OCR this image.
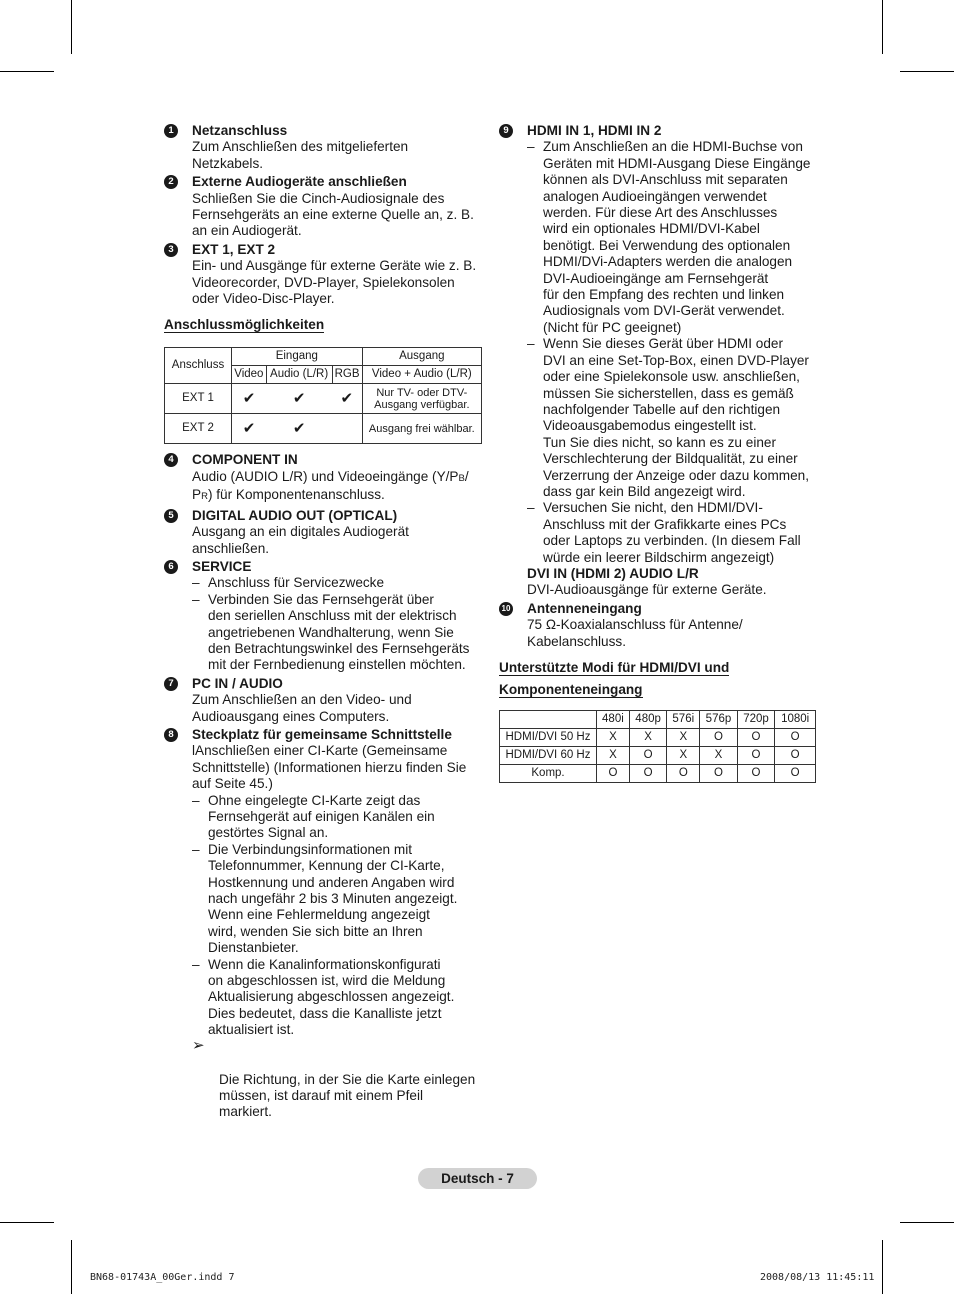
1	Netzanschluss
Zum Anschließen des mitgelieferten
Netzkabels.
2	Externe Audiogeräte anschließen
Schließen Sie die Cinch-Audiosignale des
Fernsehgeräts an eine externe Quelle an, z. B.
an ein Audiogerät.
3	EXT 1, EXT 2
Ein- und Ausgänge für externe Geräte wie z. B.
Videorecorder, DVD-Player, Spielekonsolen
oder Video-Disc-Player.
Anschlussmöglichkeiten
Anschluss	Eingang			Ausgang
	Video	Audio (L/R)	RGB	Video + Audio (L/R)
EXT 1	✔	✔	✔	Nur TV- oder DTV-
Ausgang verfügbar.
EXT 2	✔	✔		Ausgang frei wählbar.
4	COMPONENT IN
Audio (AUDIO L/R) und Videoeingänge (Y/PB/
PR) für Komponentenanschluss.
5	DIGITAL AUDIO OUT (OPTICAL)
Ausgang an ein digitales Audiogerät
anschließen.
6	SERVICE
– Anschluss für Servicezwecke
– Verbinden Sie das Fernsehgerät über
den seriellen Anschluss mit der elektrisch
angetriebenen Wandhalterung, wenn Sie
den Betrachtungswinkel des Fernsehgeräts
mit der Fernbedienung einstellen möchten.
7	PC IN / AUDIO
Zum Anschließen an den Video- und
Audioausgang eines Computers.
8	Steckplatz für gemeinsame Schnittstelle
lAnschließen einer CI-Karte (Gemeinsame
Schnittstelle) (Informationen hierzu finden Sie
auf Seite 45.)
– Ohne eingelegte CI-Karte zeigt das
Fernsehgerät auf einigen Kanälen ein
gestörtes Signal an.
– Die Verbindungsinformationen mit
Telefonnummer, Kennung der CI-Karte,
Hostkennung und anderen Angaben wird
nach ungefähr 2 bis 3 Minuten angezeigt.
Wenn eine Fehlermeldung angezeigt
wird, wenden Sie sich bitte an Ihren
Dienstanbieter.
– Wenn die Kanalinformationskonfigurati
on abgeschlossen ist, wird die Meldung
Aktualisierung abgeschlossen angezeigt.
Dies bedeutet, dass die Kanalliste jetzt
aktualisiert ist.

➢

Die Richtung, in der Sie die Karte einlegen
müssen, ist darauf mit einem Pfeil
markiert.

9	HDMI IN 1, HDMI IN 2
– Zum Anschließen an die HDMI-Buchse von
Geräten mit HDMI-Ausgang Diese Eingänge
können als DVI-Anschluss mit separaten
analogen Audioeingängen verwendet
werden. Für diese Art des Anschlusses
wird ein optionales HDMI/DVI-Kabel
benötigt. Bei Verwendung des optionalen
HDMI/DVi-Adapters werden die analogen
DVI-Audioeingänge am Fernsehgerät
für den Empfang des rechten und linken
Audiosignals vom DVI-Gerät verwendet.
(Nicht für PC geeignet)
– Wenn Sie dieses Gerät über HDMI oder
DVI an eine Set-Top-Box, einen DVD-Player
oder eine Spielekonsole usw. anschließen,
müssen Sie sicherstellen, dass es gemäß
nachfolgender Tabelle auf den richtigen
Videoausgabemodus eingestellt ist.
Tun Sie dies nicht, so kann es zu einer
Verschlechterung der Bildqualität, zu einer
Verzerrung der Anzeige oder dazu kommen,
dass gar kein Bild angezeigt wird.
– Versuchen Sie nicht, den HDMI/DVI-
Anschluss mit der Grafikkarte eines PCs
oder Laptops zu verbinden. (In diesem Fall
würde ein leerer Bildschirm angezeigt)
DVI IN (HDMI 2) AUDIO L/R
DVI-Audioausgänge für externe Geräte.
10 Antenneneingang
75 Ω-Koaxialanschluss für Antenne/
Kabelanschluss.
Unterstützte Modi für HDMI/DVI und
Komponenteneingang
	480i	480p	576i	576p	720p	1080i
HDMI/DVI 50 Hz	X	X	X	O	O	O
HDMI/DVI 60 Hz	X	O	X	X	O	O
Komp.	O	O	O	O	O	O
Deutsch - 7
BN68-01743A_00Ger.indd 7	2008/08/13 11:45:11
